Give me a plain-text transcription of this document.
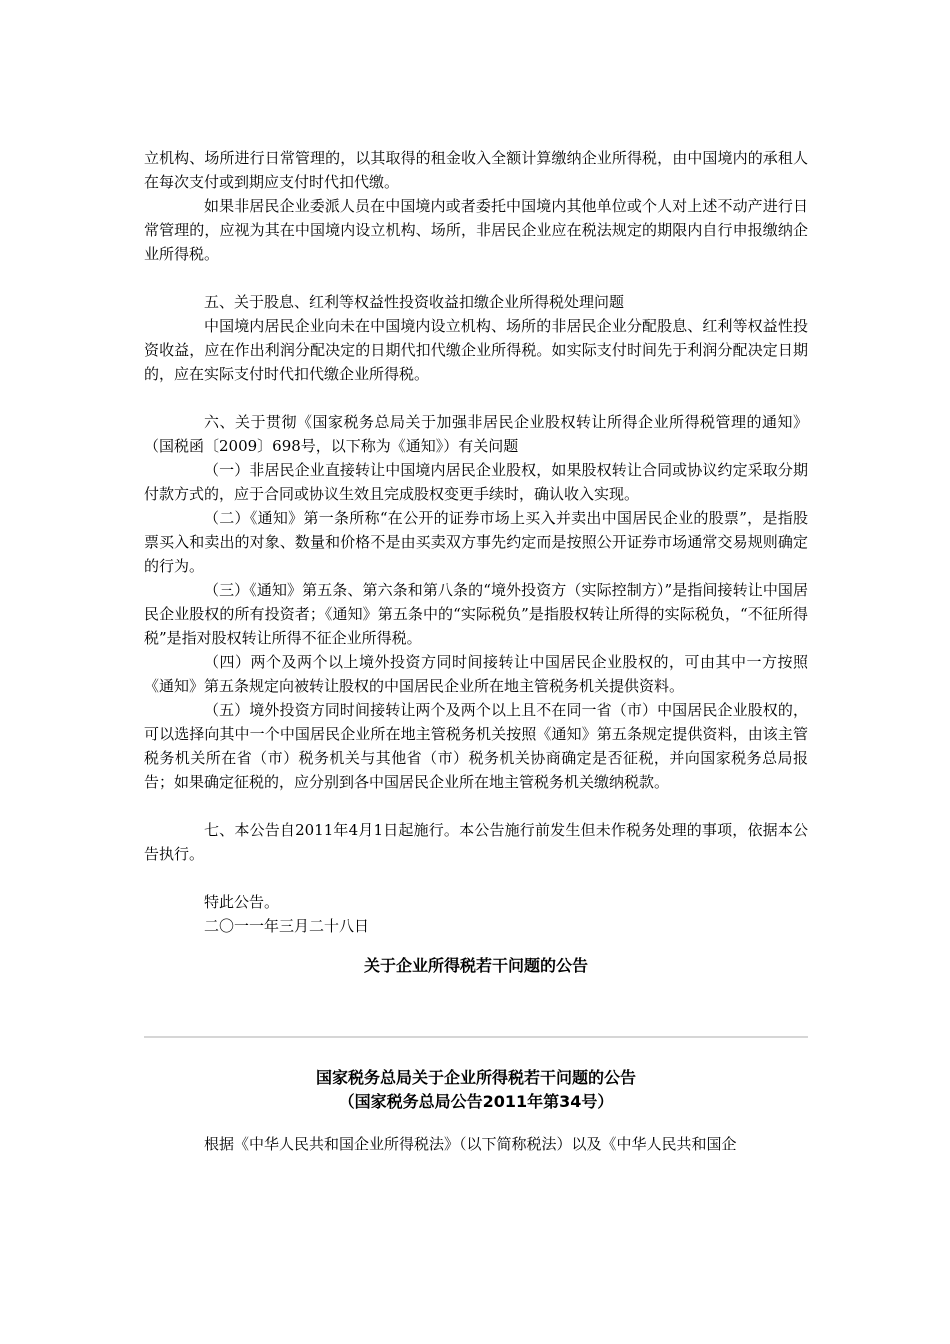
立机构、场所进行日常管理的，以其取得的租金收入全额计算缴纳企业所得税，由中国境内的承租人在每次支付或到期应支付时代扣代缴。

如果非居民企业委派人员在中国境内或者委托中国境内其他单位或个人对上述不动产进行日常管理的，应视为其在中国境内设立机构、场所，非居民企业应在税法规定的期限内自行申报缴纳企业所得税。

五、关于股息、红利等权益性投资收益扣缴企业所得税处理问题

中国境内居民企业向未在中国境内设立机构、场所的非居民企业分配股息、红利等权益性投资收益，应在作出利润分配决定的日期代扣代缴企业所得税。如实际支付时间先于利润分配决定日期的，应在实际支付时代扣代缴企业所得税。

六、关于贯彻《国家税务总局关于加强非居民企业股权转让所得企业所得税管理的通知》（国税函〔2009〕698号，以下称为《通知》）有关问题

（一）非居民企业直接转让中国境内居民企业股权，如果股权转让合同或协议约定采取分期付款方式的，应于合同或协议生效且完成股权变更手续时，确认收入实现。

（二）《通知》第一条所称“在公开的证券市场上买入并卖出中国居民企业的股票”，是指股票买入和卖出的对象、数量和价格不是由买卖双方事先约定而是按照公开证券市场通常交易规则确定的行为。

（三）《通知》第五条、第六条和第八条的“境外投资方（实际控制方）”是指间接转让中国居民企业股权的所有投资者；《通知》第五条中的“实际税负”是指股权转让所得的实际税负，“不征所得税”是指对股权转让所得不征企业所得税。

（四）两个及两个以上境外投资方同时间接转让中国居民企业股权的，可由其中一方按照《通知》第五条规定向被转让股权的中国居民企业所在地主管税务机关提供资料。

（五）境外投资方同时间接转让两个及两个以上且不在同一省（市）中国居民企业股权的，可以选择向其中一个中国居民企业所在地主管税务机关按照《通知》第五条规定提供资料，由该主管税务机关所在省（市）税务机关与其他省（市）税务机关协商确定是否征税，并向国家税务总局报告；如果确定征税的，应分别到各中国居民企业所在地主管税务机关缴纳税款。

七、本公告自2011年4月1日起施行。本公告施行前发生但未作税务处理的事项，依据本公告执行。

特此公告。

二〇一一年三月二十八日

关于企业所得税若干问题的公告

国家税务总局关于企业所得税若干问题的公告

（国家税务总局公告2011年第34号）

根据《中华人民共和国企业所得税法》（以下简称税法）以及《中华人民共和国企
